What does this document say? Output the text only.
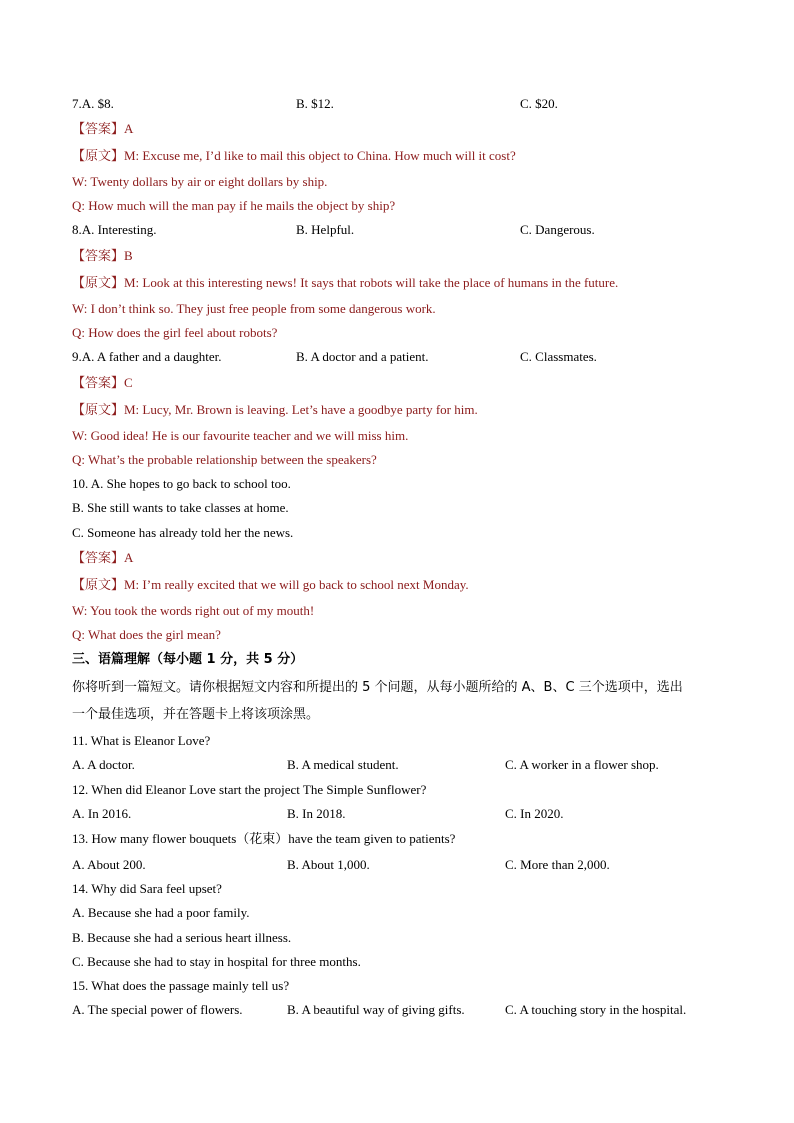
7.A. $8.	B. $12.	C. $20.
【答案】A
【原文】M: Excuse me, I’d like to mail this object to China. How much will it cost?
W: Twenty dollars by air or eight dollars by ship.
Q: How much will the man pay if he mails the object by ship?
8.A. Interesting.	B. Helpful.	C. Dangerous.
【答案】B
【原文】M: Look at this interesting news! It says that robots will take the place of humans in the future.
W: I don’t think so. They just free people from some dangerous work.
Q: How does the girl feel about robots?
9.A. A father and a daughter.	B. A doctor and a patient.	C. Classmates.
【答案】C
【原文】M: Lucy, Mr. Brown is leaving. Let’s have a goodbye party for him.
W: Good idea! He is our favourite teacher and we will miss him.
Q: What’s the probable relationship between the speakers?
10. A. She hopes to go back to school too.
B. She still wants to take classes at home.
C. Someone has already told her the news.
【答案】A
【原文】M: I’m really excited that we will go back to school next Monday.
W: You took the words right out of my mouth!
Q: What does the girl mean?
三、语篇理解（每小题 1 分，共 5 分）
你将听到一篇短文。请你根据短文内容和所提出的 5 个问题，从每小题所给的 A、B、C 三个选项中，选出
一个最佳选项，并在答题卡上将该项涂黑。
11. What is Eleanor Love?
A. A doctor.	B. A medical student.	C. A worker in a flower shop.
12. When did Eleanor Love start the project The Simple Sunflower?
A. In 2016.	B. In 2018.	C. In 2020.
13. How many flower bouquets（花束）have the team given to patients?
A. About 200.	B. About 1,000.	C. More than 2,000.
14. Why did Sara feel upset?
A. Because she had a poor family.
B. Because she had a serious heart illness.
C. Because she had to stay in hospital for three months.
15. What does the passage mainly tell us?
A. The special power of flowers.	B. A beautiful way of giving gifts.	C. A touching story in the hospital.
